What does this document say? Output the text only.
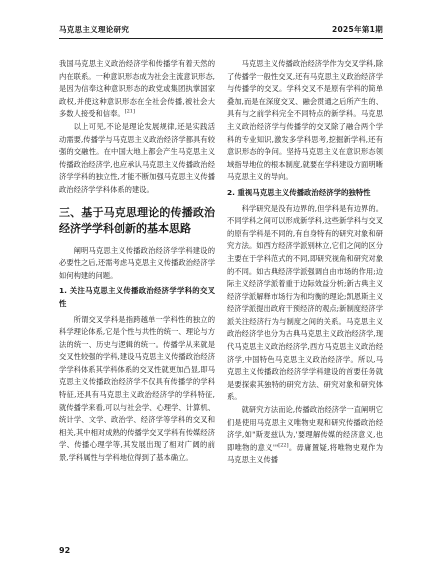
马克思主义理论研究	2025年第1期

我国马克思主义政治经济学和传播学有着天然的内在联系。一种意识形态成为社会主流意识形态,是因为信奉这种意识形态的政党或集团执掌国家政权,并使这种意识形态在全社会传播,被社会大多数人接受和信奉。[21]

以上可见,不论是理论发展规律,还是实践活动需要,传播学与马克思主义政治经济学都具有较强的交融性。在中国大地上都会产生马克思主义传播政治经济学,也应承认马克思主义传播政治经济学学科的独立性,才能不断加强马克思主义传播政治经济学学科体系的建设。

三、基于马克思理论的传播政治经济学学科创新的基本思路

阐明马克思主义传播政治经济学学科建设的必要性之后,还需考虑马克思主义传播政治经济学如何构建的问题。

1. 关注马克思主义传播政治经济学学科的交叉性

所谓交叉学科是指跨越单一学科性的独立的科学理论体系,它是个性与共性的统一、理论与方法的统一、历史与逻辑的统一。传播学从来就是交叉性较强的学科,建设马克思主义传播政治经济学学科体系其学科体系的交叉性就更加凸显,即马克思主义传播政治经济学不仅具有传播学的学科特征,还具有马克思主义政治经济学的学科特征,就传播学来看,可以与社会学、心理学、计算机、统计学、文学、政治学、经济学等学科的交叉和相关,其中相对成熟的传播学交叉学科有传媒经济学、传播心理学等,其发展出现了相对广阔的前景,学科属性与学科地位得到了基本确立。

马克思主义传播政治经济学作为交叉学科,除了传播学一般性交叉,还有马克思主义政治经济学与传播学的交叉。学科交叉不是原有学科的简单叠加,而是在深度交叉、融会贯通之后所产生的、具有与之前学科完全不同特点的新学科。马克思主义政治经济学与传播学的交叉除了融合两个学科的专业知识,激发多学科思考,挖掘新学科,还有意识形态的争问。坚持马克思主义在意识形态领域指导地位的根本制度,就要在学科建设方面明晰马克思主义的导向。

2. 重视马克思主义传播政治经济学的独特性

科学研究是没有边界的,但学科是有边界的。不同学科之间可以形成新学科,这些新学科与交叉的原有学科是不同的,有自身特有的研究对象和研究方法。如西方经济学派别林立,它们之间的区分主要在于学科范式的不同,即研究视角和研究对象的不同。如古典经济学派强调自由市场的作用;边际主义经济学派着重于边际效益分析;新古典主义经济学派解释市场行为和均衡的理论;凯恩斯主义经济学派提出政府干预经济的观点;新制度经济学派关注经济行为与制度之间的关系。马克思主义政治经济学也分为古典马克思主义政治经济学,现代马克思主义政治经济学,西方马克思主义政治经济学,中国特色马克思主义政治经济学。所以,马克思主义传播政治经济学学科建设的首要任务就是要探索其独特的研究方法、研究对象和研究体系。

就研究方法而论,传播政治经济学一直阐明它们是使用马克思主义唯物史观和研究传播政治经济学,如"斯麦兹认为,'要理解传媒的经济意义,也即唯物的意义'"[22]。毋庸置疑,将唯物史观作为马克思主义传播

92
